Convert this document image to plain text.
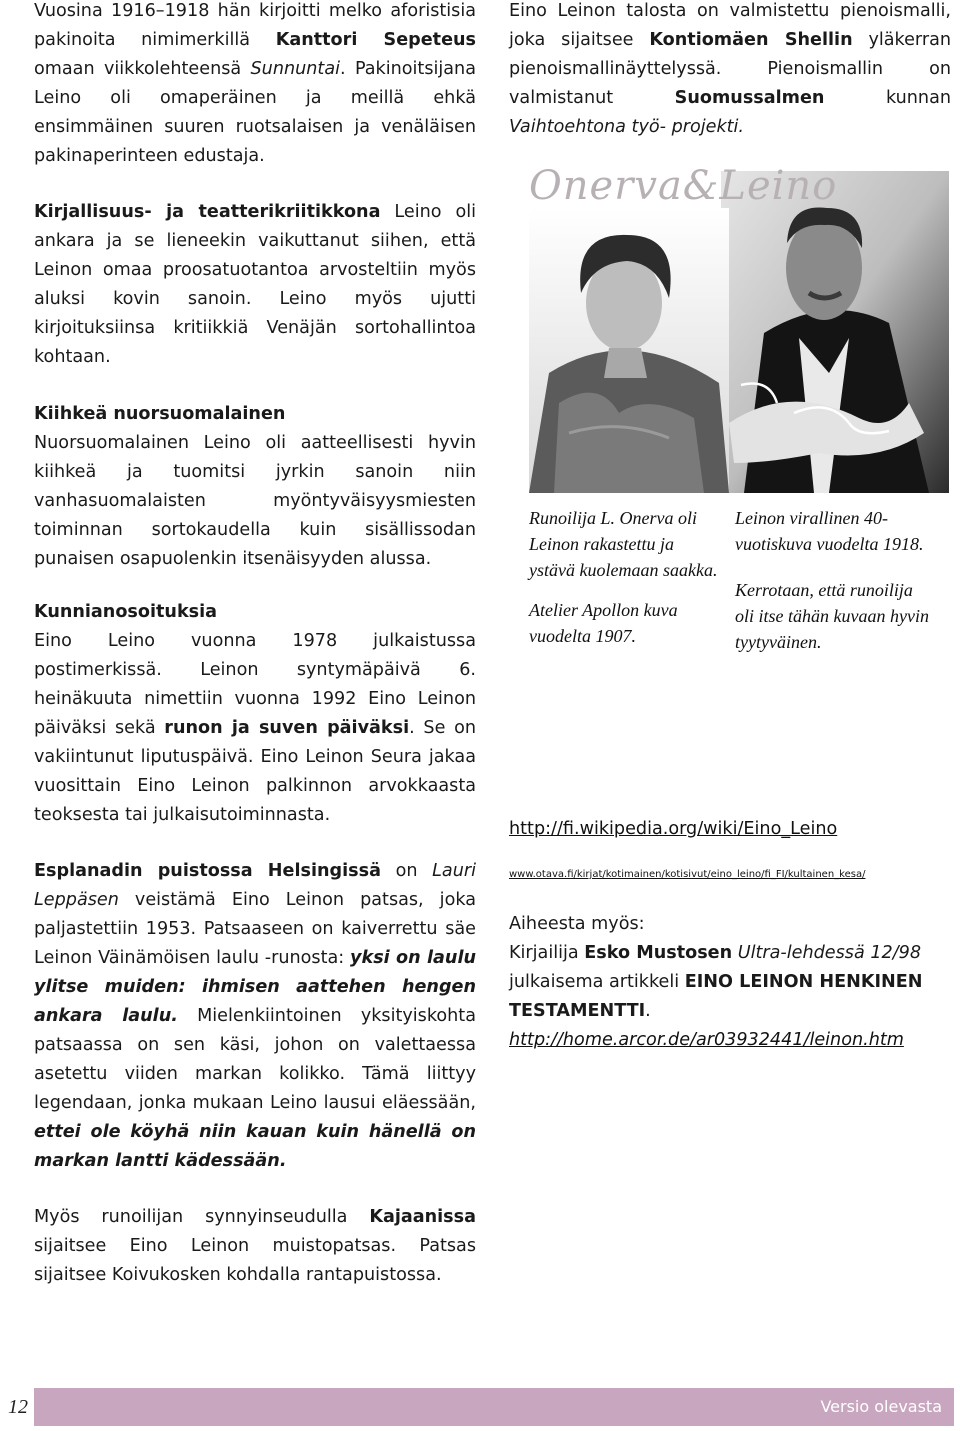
Vuosina 1916–1918 hän kirjoitti melko aforistisia pakinoita nimimerkillä Kanttori Sepeteus omaan viikkolehteensä Sunnuntai. Pakinoitsijana Leino oli omaperäinen ja meillä ehkä ensimmäinen suuren ruotsalaisen ja venäläisen pakinaperinteen edustaja.

Kirjallisuus- ja teatterikriitikkona Leino oli ankara ja se lieneekin vaikuttanut siihen, että Leinon omaa proosatuotantoa arvosteltiin myös aluksi kovin sanoin. Leino myös ujutti kirjoituksiinsa kritiikkiä Venäjän sortohallintoa kohtaan.

Kiihkeä nuorsuomalainen
Nuorsuomalainen Leino oli aatteellisesti hyvin kiihkeä ja tuomitsi jyrkin sanoin niin vanhasuomalaisten myöntyväisyysmiesten toiminnan sortokaudella kuin sisällissodan punaisen osapuolenkin itsenäisyyden alussa.

Kunnianosoituksia
Eino Leino vuonna 1978 julkaistussa postimerkissä. Leinon syntymäpäivä 6. heinäkuuta nimettiin vuonna 1992 Eino Leinon päiväksi sekä runon ja suven päiväksi. Se on vakiintunut liputuspäivä. Eino Leinon Seura jakaa vuosittain Eino Leinon palkinnon arvokkaasta teoksesta tai julkaisutoiminnasta.

Esplanadin puistossa Helsingissä on Lauri Leppäsen veistämä Eino Leinon patsas, joka paljastettiin 1953. Patsaaseen on kaiverrettu säe Leinon Väinämöisen laulu -runosta: yksi on laulu ylitse muiden: ihmisen aattehen hengen ankara laulu. Mielenkiintoinen yksityiskohta patsaassa on sen käsi, johon on valettaessa asetettu viiden markan kolikko. Tämä liittyy legendaan, jonka mukaan Leino lausui eläessään, ettei ole köyhä niin kauan kuin hänellä on markan lantti kädessään.

Myös runoilijan synnyinseudulla Kajaanissa sijaitsee Eino Leinon muistopatsas. Patsas sijaitsee Koivukosken kohdalla rantapuistossa.

Eino Leinon talosta on valmistettu pienoismalli, joka sijaitsee Kontiomäen Shellin yläkerran pienoismallinäyttelyssä. Pienoismallin on valmistanut Suomussalmen kunnan Vaihtoehtona työ- projekti.

Onerva&Leino
Runoilija L. Onerva oli Leinon rakastettu ja ystävä kuolemaan saakka.
Atelier Apollon kuva vuodelta 1907.
Leinon virallinen 40-vuotiskuva vuodelta 1918.
Kerrotaan, että runoilija oli itse tähän kuvaan hyvin tyytyväinen.
http://fi.wikipedia.org/wiki/Eino_Leino
www.otava.fi/kirjat/kotimainen/kotisivut/eino_leino/fi_FI/kultainen_kesa/

Aiheesta myös:
Kirjailija Esko Mustosen Ultra-lehdessä 12/98 julkaisema artikkeli EINO LEINON HENKINEN TESTAMENTTI.
http://home.arcor.de/ar03932441/leinon.htm

12	Versio olevasta
